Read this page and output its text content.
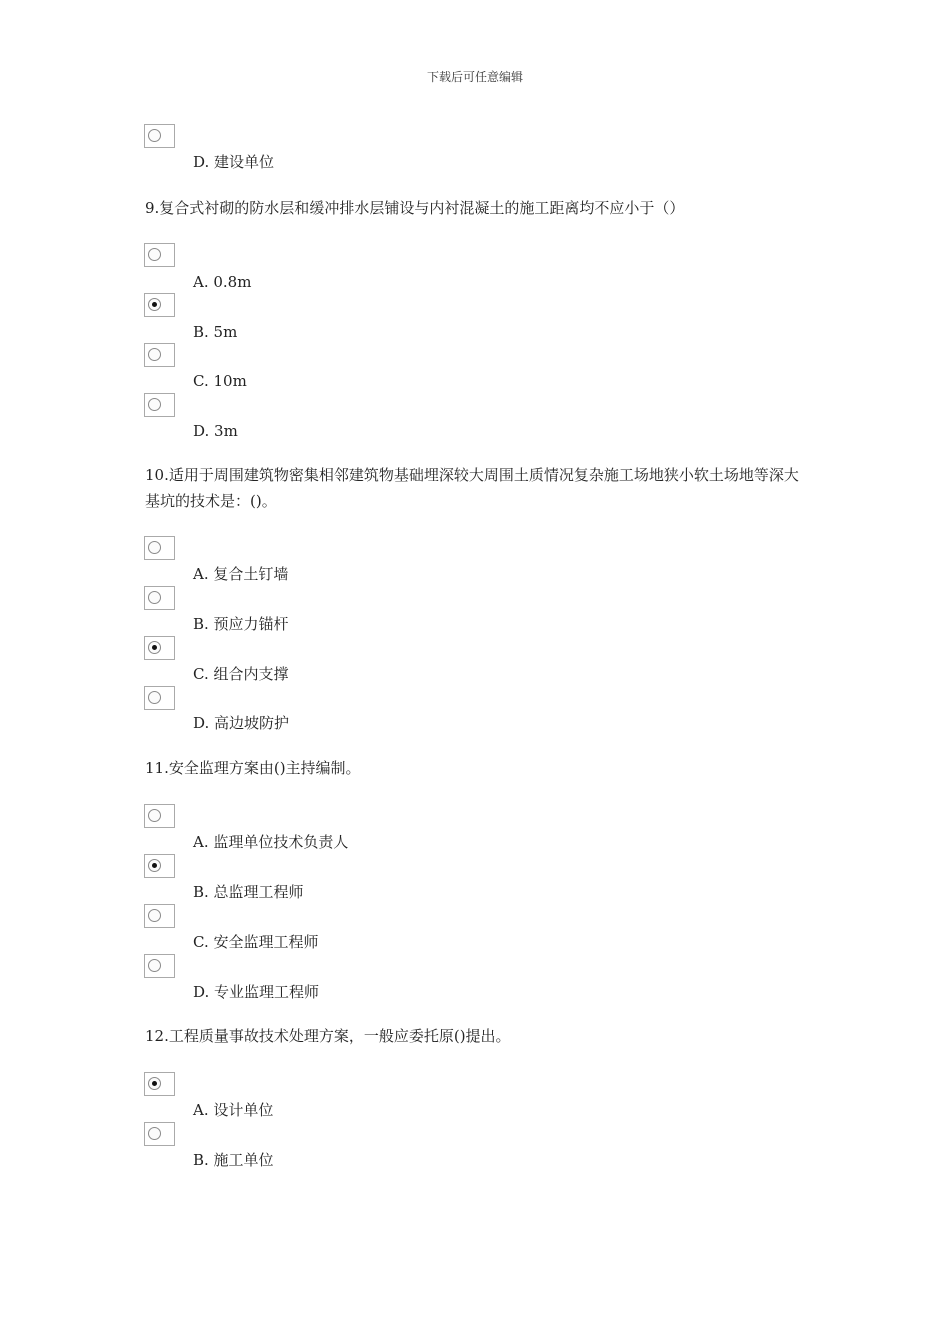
下载后可任意编辑
D. 建设单位
9.复合式衬砌的防水层和缓冲排水层铺设与内衬混凝土的施工距离均不应小于（）
A. 0.8m
B. 5m
C. 10m
D. 3m
10.适用于周围建筑物密集相邻建筑物基础埋深较大周围土质情况复杂施工场地狭小软土场地等深大基坑的技术是：()。
A. 复合土钉墙
B. 预应力锚杆
C. 组合内支撑
D. 高边坡防护
11.安全监理方案由()主持编制。
A. 监理单位技术负责人
B. 总监理工程师
C. 安全监理工程师
D. 专业监理工程师
12.工程质量事故技术处理方案，一般应委托原()提出。
A. 设计单位
B. 施工单位
